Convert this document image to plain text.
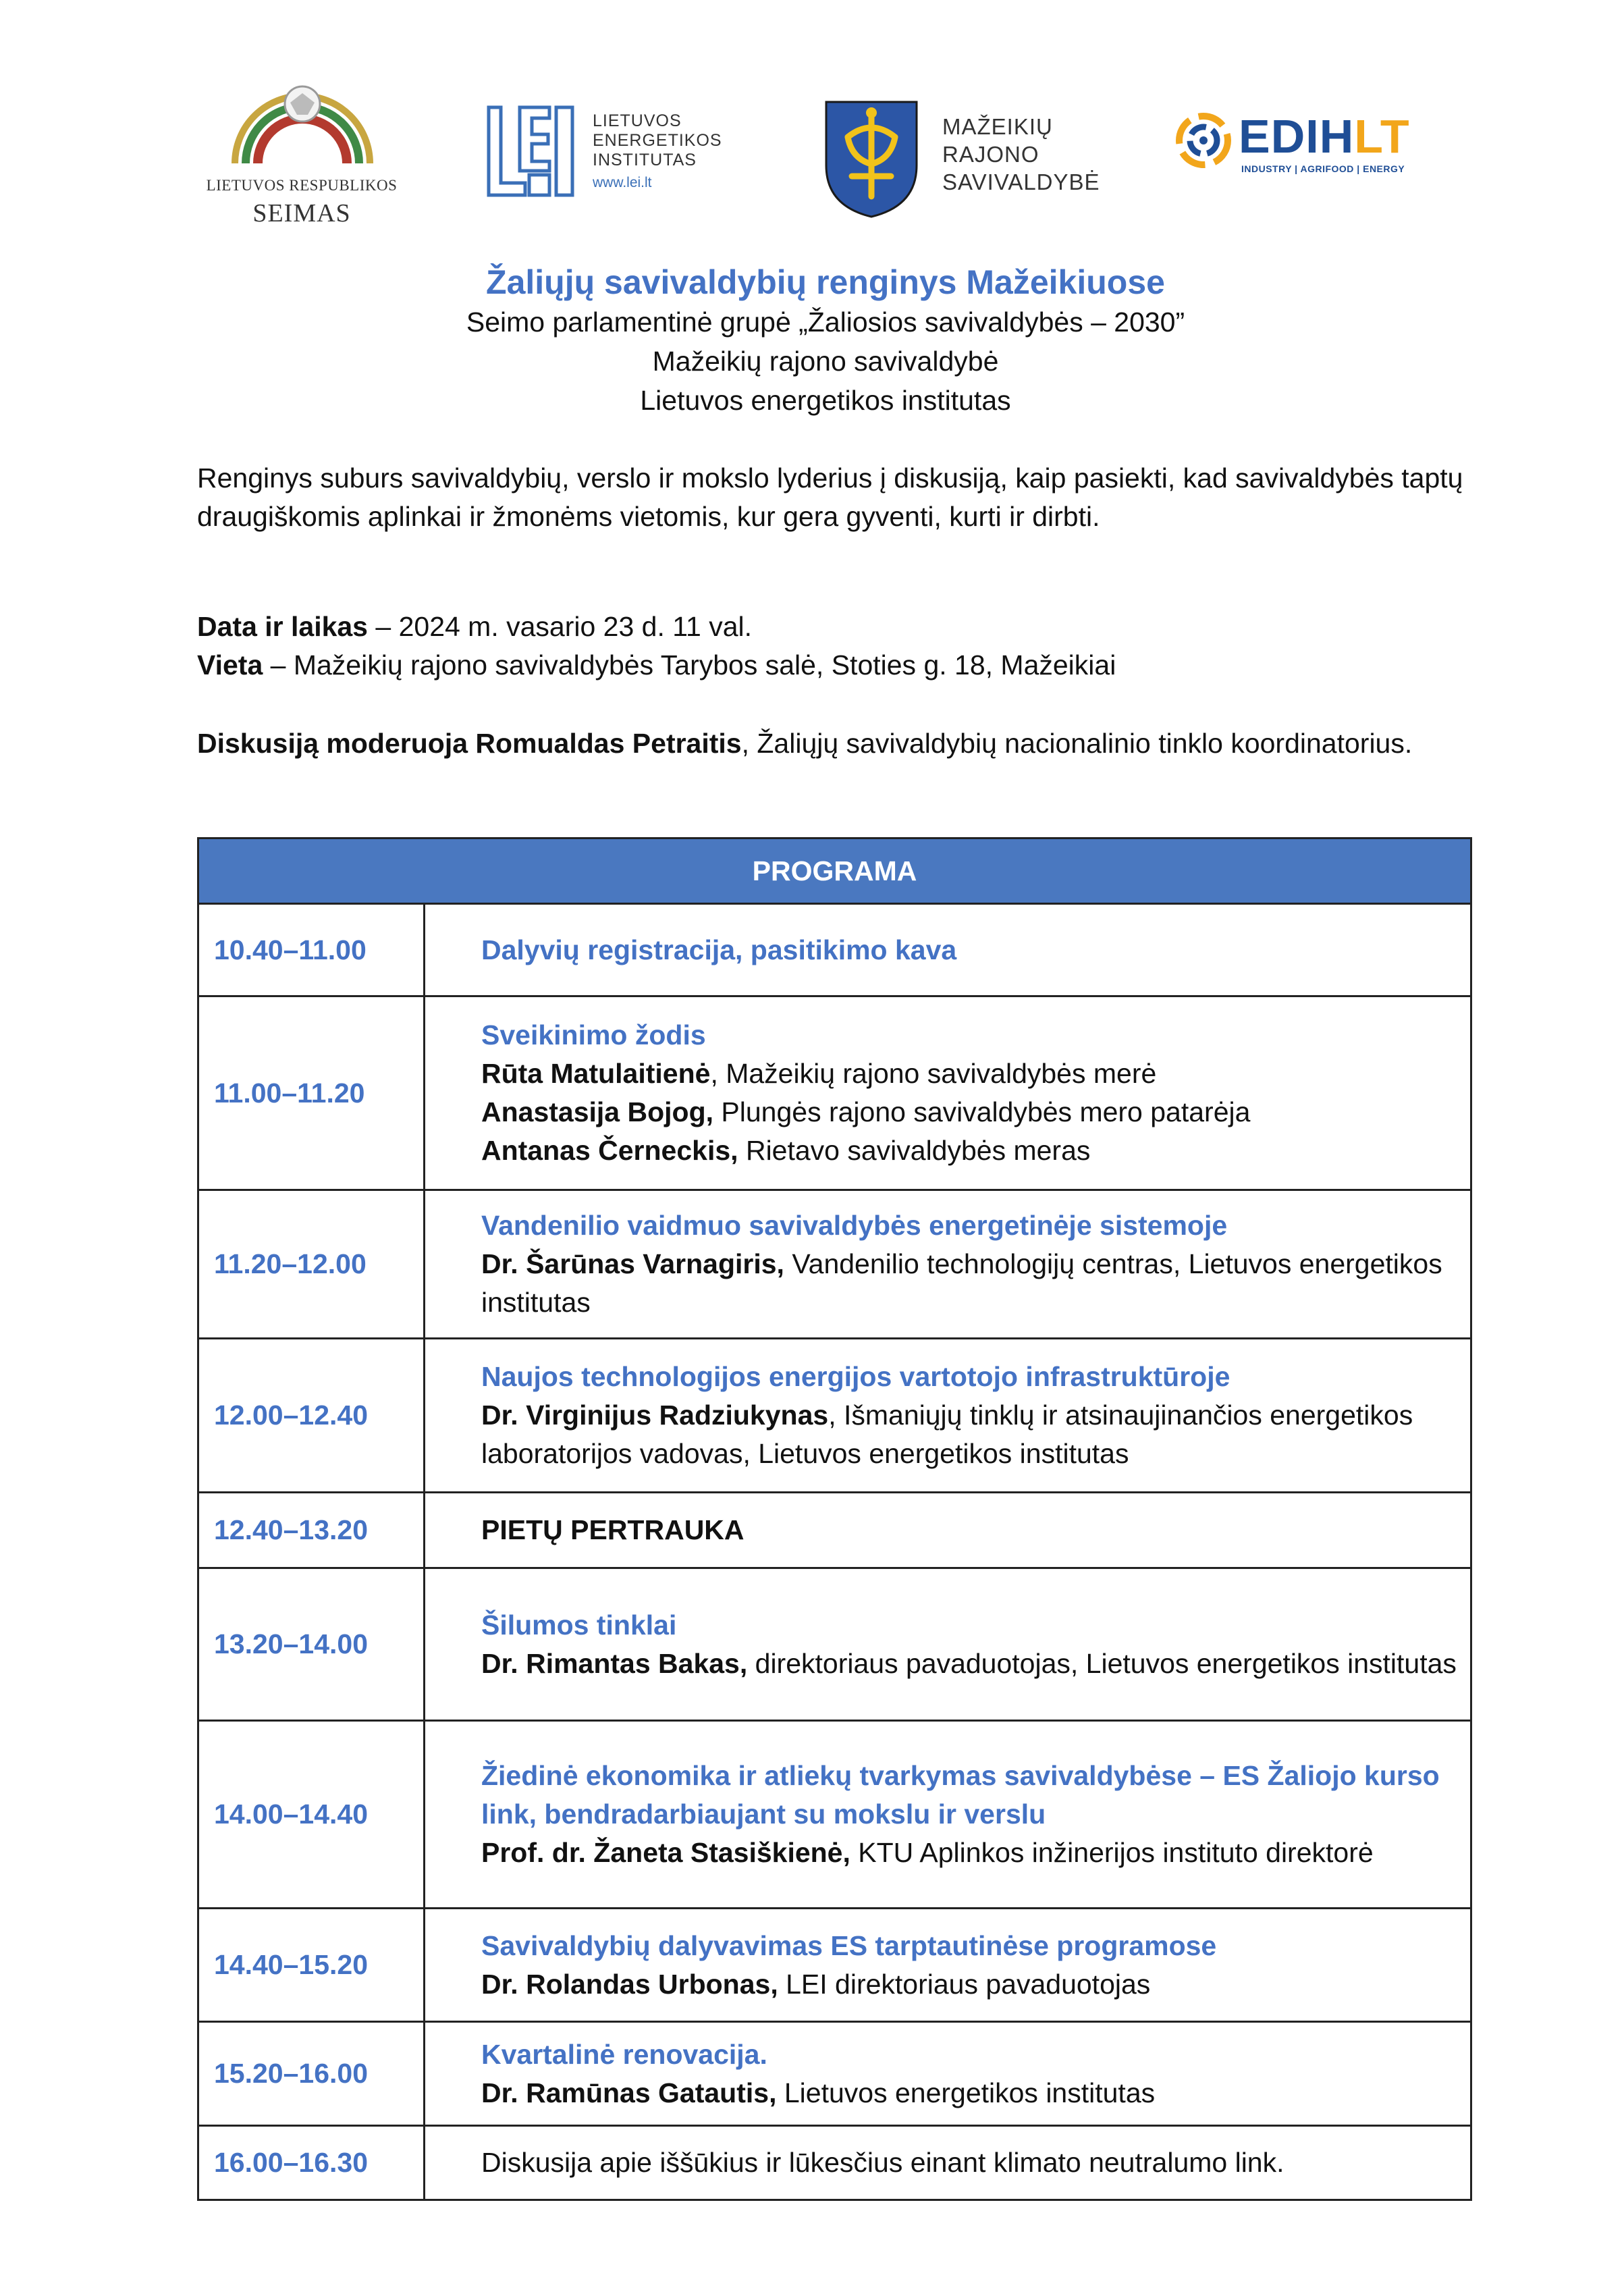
LIETUVOS RESPUBLIKOS
SEIMAS
LIETUVOS
ENERGETIKOS
INSTITUTAS
www.lei.lt
MAŽEIKIŲ
RAJONO
SAVIVALDYBĖ
EDIHLT
INDUSTRY | AGRIFOOD | ENERGY
Žaliųjų savivaldybių renginys Mažeikiuose
Seimo parlamentinė grupė „Žaliosios savivaldybės – 2030”
Mažeikių rajono savivaldybė
Lietuvos energetikos institutas
Renginys suburs savivaldybių, verslo ir mokslo lyderius į diskusiją, kaip pasiekti, kad savivaldybės taptų draugiškomis aplinkai ir žmonėms vietomis, kur gera gyventi, kurti ir dirbti.
Data ir laikas – 2024 m. vasario 23 d. 11 val.
Vieta – Mažeikių rajono savivaldybės Tarybos salė, Stoties g. 18, Mažeikiai
Diskusiją moderuoja Romualdas Petraitis, Žaliųjų savivaldybių nacionalinio tinklo koordinatorius.
PROGRAMA	
10.40–11.00	Dalyvių registracija, pasitikimo kava

11.00–11.20	Sveikinimo žodis
Rūta Matulaitienė, Mažeikių rajono savivaldybės merė
Anastasija Bojog, Plungės rajono savivaldybės mero patarėja
Antanas Černeckis, Rietavo savivaldybės meras

11.20–12.00	Vandenilio vaidmuo savivaldybės energetinėje sistemoje
Dr. Šarūnas Varnagiris, Vandenilio technologijų centras, Lietuvos energetikos institutas

12.00–12.40	Naujos technologijos energijos vartotojo infrastruktūroje
Dr. Virginijus Radziukynas, Išmaniųjų tinklų ir atsinaujinančios energetikos laboratorijos vadovas, Lietuvos energetikos institutas

12.40–13.20	PIETŲ PERTRAUKA

13.20–14.00	Šilumos tinklai
Dr. Rimantas Bakas, direktoriaus pavaduotojas, Lietuvos energetikos institutas

14.00–14.40	Žiedinė ekonomika ir atliekų tvarkymas savivaldybėse – ES Žaliojo kurso link, bendradarbiaujant su mokslu ir verslu
Prof. dr. Žaneta Stasiškienė, KTU Aplinkos inžinerijos instituto direktorė

14.40–15.20	Savivaldybių dalyvavimas ES tarptautinėse programose
Dr. Rolandas Urbonas, LEI direktoriaus pavaduotojas

15.20–16.00	Kvartalinė renovacija.
Dr. Ramūnas Gatautis, Lietuvos energetikos institutas

16.00–16.30	Diskusija apie iššūkius ir lūkesčius einant klimato neutralumo link.
